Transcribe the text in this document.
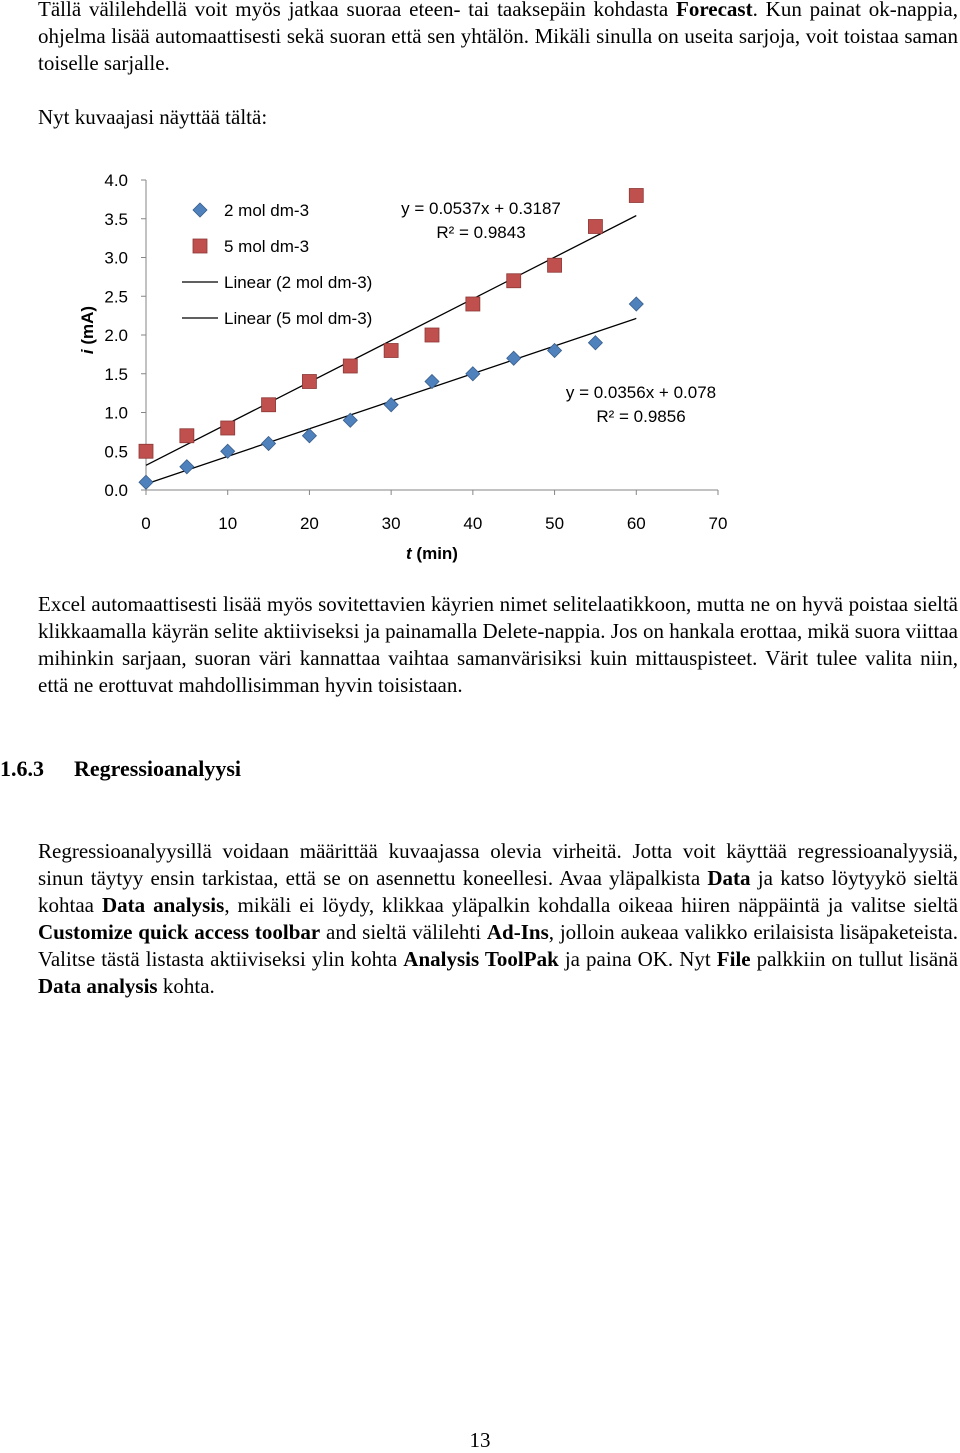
Tällä välilehdellä voit myös jatkaa suoraa eteen- tai taaksepäin kohdasta Forecast. Kun painat ok-nappia, ohjelma lisää automaattisesti sekä suoran että sen yhtälön. Mikäli sinulla on useita sarjoja, voit toistaa saman toiselle sarjalle.

Nyt kuvaajasi näyttää tältä:

0.0
0.5
1.0
1.5
2.0
2.5
3.0
3.5
4.0
0	10	20	30	40	50	60	70
2 mol dm-3
5 mol dm-3
Linear (2 mol dm-3)
Linear (5 mol dm-3)
y = 0.0356x + 0.078
R² = 0.9856
y = 0.0537x + 0.3187
R² = 0.9843
t (min)
i (mA)

Excel automaattisesti lisää myös sovitettavien käyrien nimet selitelaatikkoon, mutta ne on hyvä poistaa sieltä klikkaamalla käyrän selite aktiiviseksi ja painamalla Delete-nappia. Jos on hankala erottaa, mikä suora viittaa mihinkin sarjaan, suoran väri kannattaa vaihtaa samanvärisiksi kuin mittauspisteet. Värit tulee valita niin, että ne erottuvat mahdollisimman hyvin toisistaan.

1.6.3 Regressioanalyysi

Regressioanalyysillä voidaan määrittää kuvaajassa olevia virheitä. Jotta voit käyttää regressioanalyysiä, sinun täytyy ensin tarkistaa, että se on asennettu koneellesi. Avaa yläpalkista Data ja katso löytyykö sieltä kohtaa Data analysis, mikäli ei löydy, klikkaa yläpalkin kohdalla oikeaa hiiren näppäintä ja valitse sieltä Customize quick access toolbar and sieltä välilehti Ad-Ins, jolloin aukeaa valikko erilaisista lisäpaketeista. Valitse tästä listasta aktiiviseksi ylin kohta Analysis ToolPak ja paina OK. Nyt File palkkiin on tullut lisänä Data analysis kohta.

13
